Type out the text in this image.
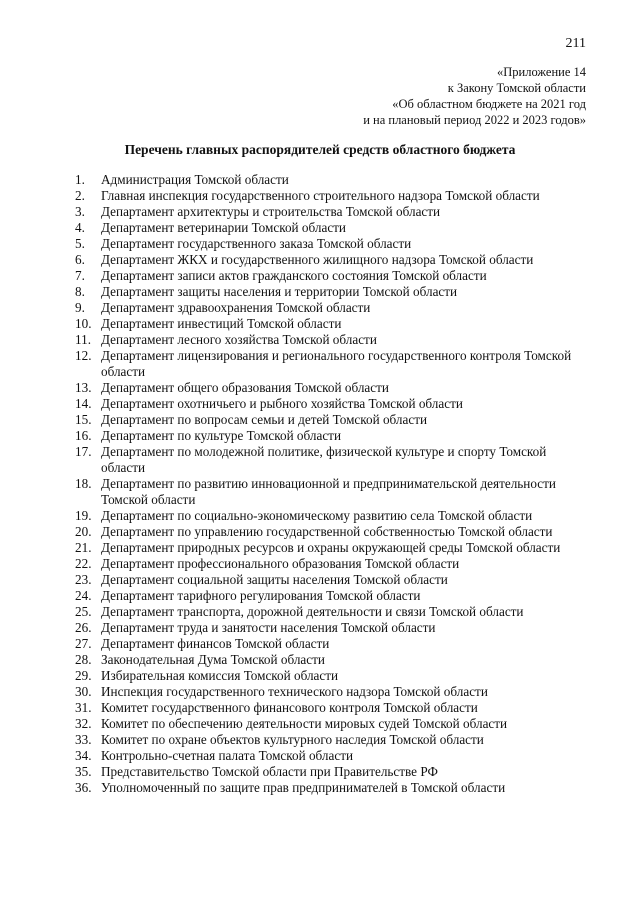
211
«Приложение 14
к Закону Томской области
«Об областном бюджете на 2021 год
и на плановый период 2022 и 2023 годов»
Перечень главных распорядителей средств областного бюджета
1.	Администрация Томской области
2.	Главная инспекция государственного строительного надзора Томской области
3.	Департамент архитектуры и строительства Томской области
4.	Департамент ветеринарии Томской области
5.	Департамент государственного заказа Томской области
6.	Департамент ЖКХ и государственного жилищного надзора Томской области
7.	Департамент записи актов гражданского состояния Томской области
8.	Департамент защиты населения и территории Томской области
9.	Департамент здравоохранения Томской области
10. Департамент инвестиций Томской области
11. Департамент лесного хозяйства Томской области
12. Департамент лицензирования и регионального государственного контроля Томской области
13. Департамент общего образования Томской области
14. Департамент охотничьего и рыбного хозяйства Томской области
15. Департамент по вопросам семьи и детей Томской области
16. Департамент по культуре Томской области
17. Департамент по молодежной политике, физической культуре и спорту Томской области
18. Департамент по развитию инновационной и предпринимательской деятельности Томской области
19. Департамент по социально-экономическому развитию села Томской области
20. Департамент по управлению государственной собственностью Томской области
21. Департамент природных ресурсов и охраны окружающей среды Томской области
22. Департамент профессионального образования Томской области
23. Департамент социальной защиты населения Томской области
24. Департамент тарифного регулирования Томской области
25. Департамент транспорта, дорожной деятельности и связи Томской области
26. Департамент труда и занятости населения Томской области
27. Департамент финансов Томской области
28. Законодательная Дума Томской области
29. Избирательная комиссия Томской области
30. Инспекция государственного технического надзора Томской области
31. Комитет государственного финансового контроля Томской области
32. Комитет по обеспечению деятельности мировых судей Томской области
33. Комитет по охране объектов культурного наследия Томской области
34. Контрольно-счетная палата Томской области
35. Представительство Томской области при Правительстве РФ
36. Уполномоченный по защите прав предпринимателей в Томской области
